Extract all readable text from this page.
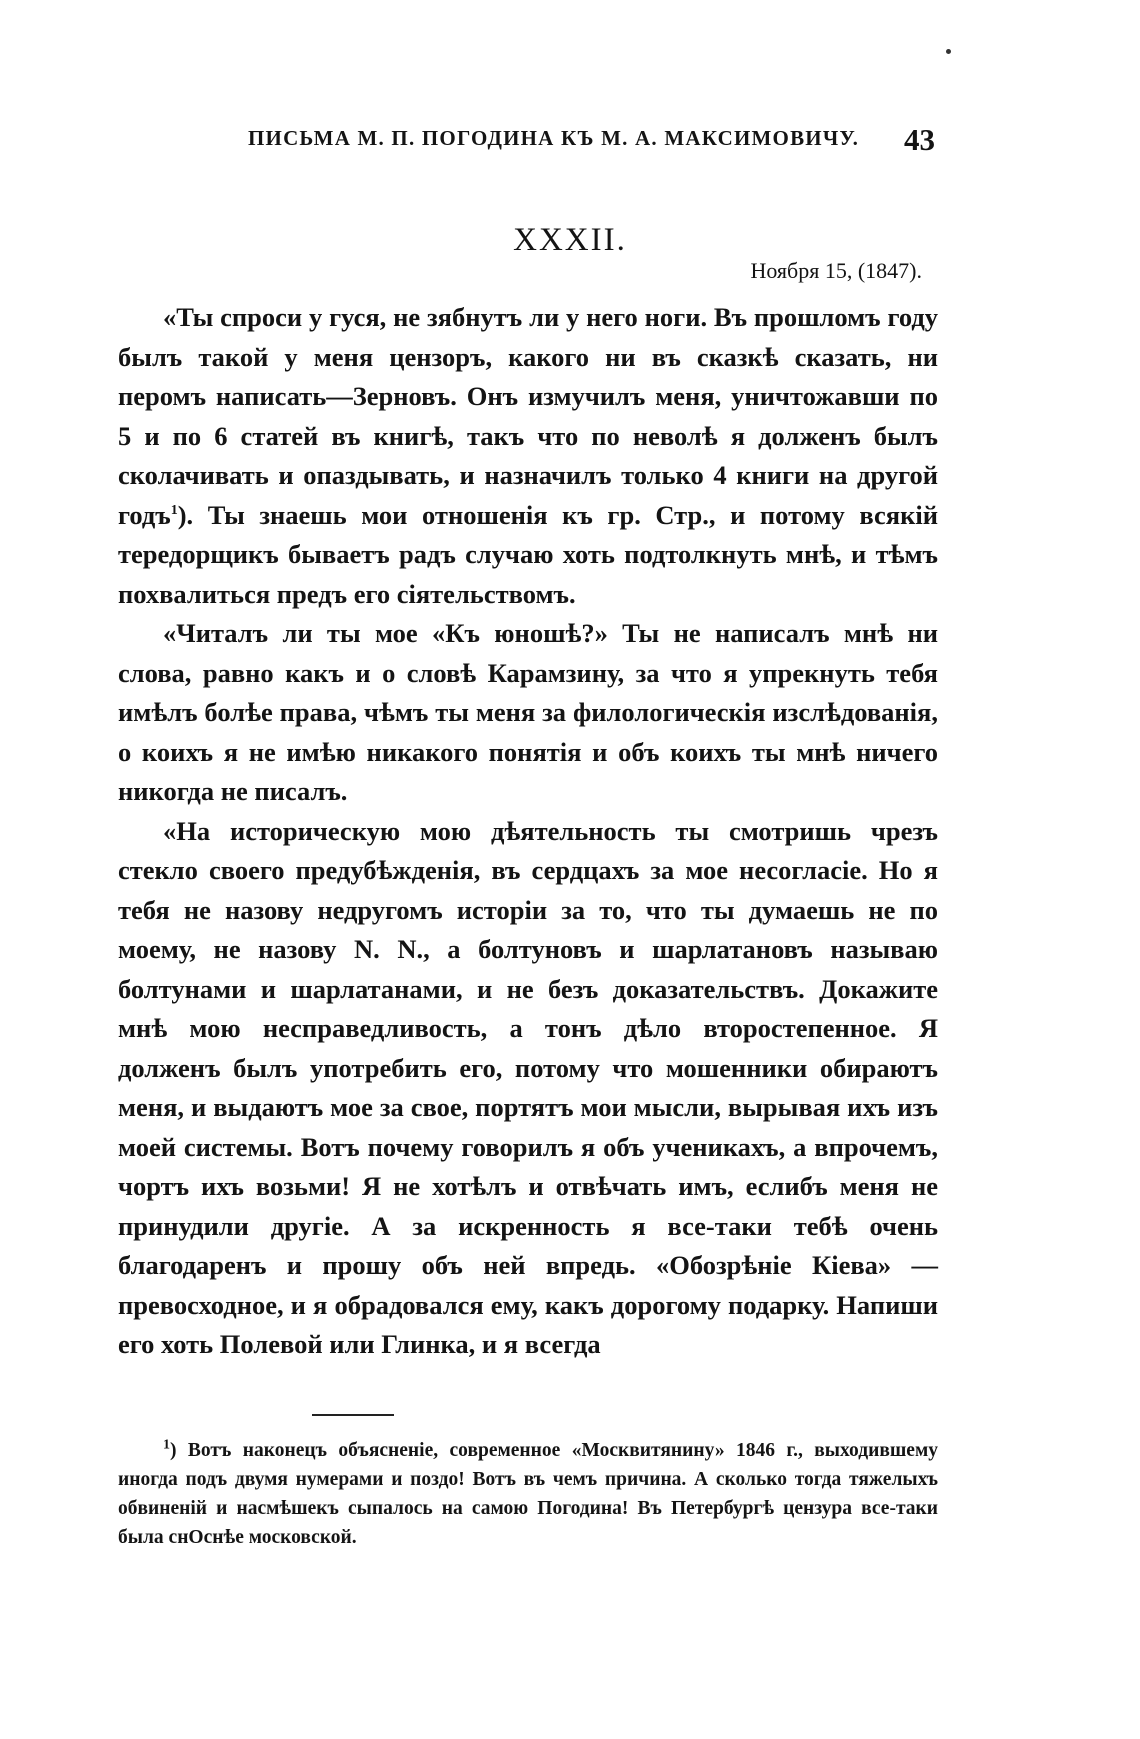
ПИСЬМА М. П. ПОГОДИНА КЪ М. А. МАКСИМОВИЧУ. 43
XXXII.
Ноября 15, (1847).

«Ты спроси у гуся, не зябнутъ ли у него ноги. Въ прошломъ году былъ такой у меня цензоръ, какого ни въ сказкѣ сказать, ни перомъ написать—Зерновъ. Онъ измучилъ меня, уничтожавши по 5 и по 6 статей въ книгѣ, такъ что по неволѣ я долженъ былъ сколачивать и опаздывать, и назначилъ только 4 книги на другой годъ$^1$). Ты знаешь мои отношенія къ гр. Стр., и потому всякій тередорщикъ бываетъ радъ случаю хоть подтолкнуть мнѣ, и тѣмъ похвалиться предъ его сіятельствомъ.

«Читалъ ли ты мое «Къ юношѣ?» Ты не написалъ мнѣ ни слова, равно какъ и о словѣ Карамзину, за что я упрекнуть тебя имѣлъ болѣе права, чѣмъ ты меня за филологическія изслѣдованія, о коихъ я не имѣю никакого понятія и объ коихъ ты мнѣ ничего никогда не писалъ.

«На историческую мою дѣятельность ты смотришь чрезъ стекло своего предубѣжденія, въ сердцахъ за мое несогласіе. Но я тебя не назову недругомъ исторіи за то, что ты думаешь не по моему, не назову N. N., а болтуновъ и шарлатановъ называю болтунами и шарлатанами, и не безъ доказательствъ. Докажите мнѣ мою несправедливость, а тонъ дѣло второстепенное. Я долженъ былъ употребить его, потому что мошенники обираютъ меня, и выдаютъ мое за свое, портятъ мои мысли, вырывая ихъ изъ моей системы. Вотъ почему говорилъ я объ ученикахъ, а впрочемъ, чортъ ихъ возьми! Я не хотѣлъ и отвѣчать имъ, еслибъ меня не принудили другіе. А за искренность я все-таки тебѣ очень благодаренъ и прошу объ ней впредь. «Обозрѣніе Кіева» — превосходное, и я обрадовался ему, какъ дорогому подарку. Напиши его хоть Полевой или Глинка, и я всегда

$^1$) Вотъ наконецъ объясненіе, современное «Москвитянину» 1846 г., выходившему иногда подъ двумя нумерами и поздо! Вотъ въ чемъ причина. А сколько тогда тяжелыхъ обвиненій и насмѣшекъ сыпалось на самою Погодина! Въ Петербургѣ цензура все-таки была снОснѣе московской.
